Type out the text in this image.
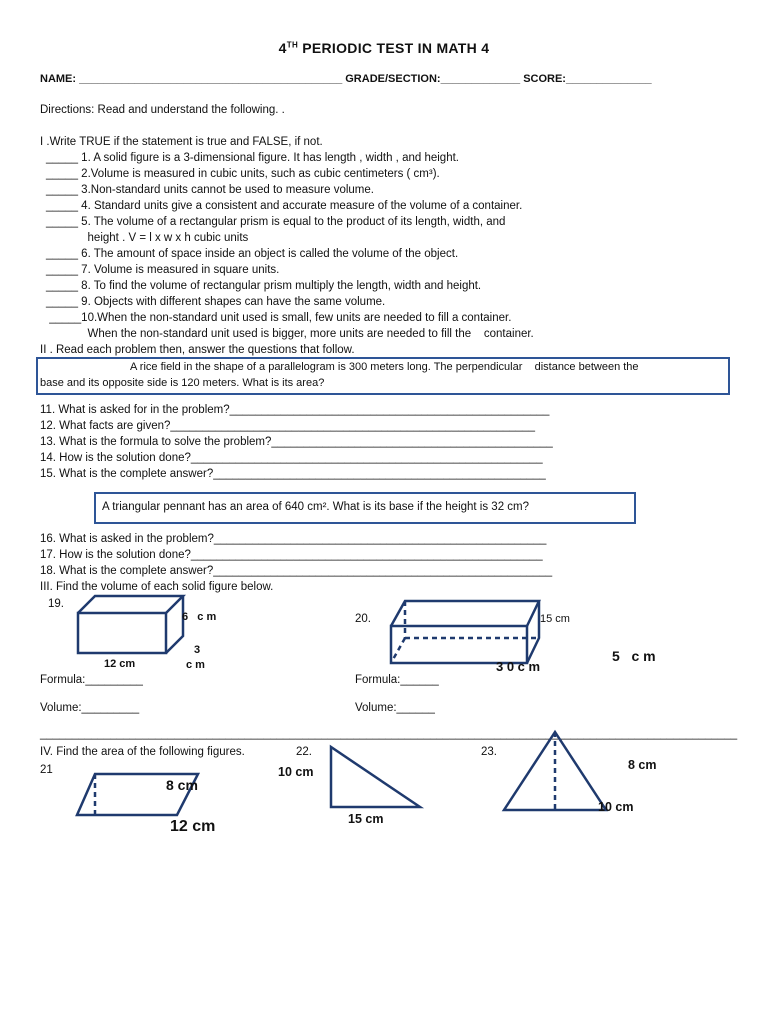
4TH PERIODIC TEST IN MATH 4
NAME: ___________________________________________ GRADE/SECTION:_____________ SCORE:______________
Directions: Read and understand the following. .
I .Write TRUE if the statement is true and FALSE, if not.
_____ 1. A solid figure is a 3-dimensional figure. It has length , width , and height.
_____ 2.Volume is measured in cubic units, such as cubic centimeters ( cm³).
_____ 3.Non-standard units cannot be used to measure volume.
_____ 4. Standard units give a consistent and accurate measure of the volume of a container.
_____ 5. The volume of a rectangular prism is equal to the product of its length, width, and
height . V = l x w x h cubic units
_____ 6. The amount of space inside an object is called the volume of the object.
_____ 7. Volume is measured in square units.
_____ 8. To find the volume of rectangular prism multiply the length, width and height.
_____ 9. Objects with different shapes can have the same volume.
_____10.When the non-standard unit used is small, few units are needed to fill a container.
When the non-standard unit used is bigger, more units are needed to fill the    container.
II . Read each problem then, answer the questions that follow.
A rice field in the shape of a parallelogram is 300 meters long. The perpendicular    distance between the
base and its opposite side is 120 meters. What is its area?
11. What is asked for in the problem?__________________________________________________
12. What facts are given?_________________________________________________________
13. What is the formula to solve the problem?____________________________________________
14. How is the solution done?_______________________________________________________
15. What is the complete answer?____________________________________________________
A triangular pennant has an area of 640 cm². What is its base if the height is 32 cm?
16. What is asked in the problem?____________________________________________________
17. How is the solution done?_______________________________________________________
18. What is the complete answer?_____________________________________________________
III. Find the volume of each solid figure below.
19.
6   c m
3
c m
12 cm
20.	15 cm
3 0 c m
5   c m
Formula:_________	Formula:______
Volume:_________	Volume:______
_____________________________________________________________________________________________________________
IV. Find the area of the following figures.	22.	23.
21
8 cm
12 cm
10 cm
15 cm
8 cm
10 cm
